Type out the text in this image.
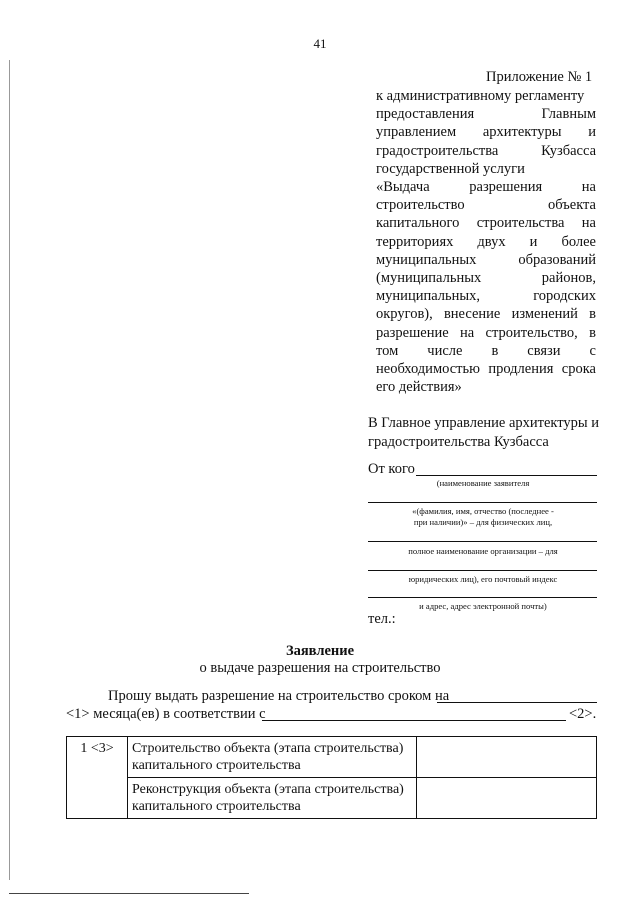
41
Приложение № 1
к административному регламенту
предоставления Главным
управлением архитектуры и
градостроительства Кузбасса
государственной услуги
«Выдача разрешения на
строительство объекта
капитального строительства на
территориях двух и более
муниципальных образований
(муниципальных районов,
муниципальных, городских
округов), внесение изменений в
разрешение на строительство, в
том числе в связи с
необходимостью продления срока
его действия»
В Главное управление архитектуры и
градостроительства Кузбасса
От кого
(наименование заявителя
«(фамилия, имя, отчество (последнее -
при наличии)» – для физических лиц,
полное наименование организации – для
юридических лиц), его почтовый индекс
и адрес, адрес электронной почты)
тел.:
Заявление
о выдаче разрешения на строительство
Прошу выдать разрешение на строительство сроком на
<1> месяца(ев) в соответствии с	<2>.
1 <3>	Строительство объекта (этапа строительства)
капитального строительства	

	Реконструкция объекта (этапа строительства)
капитального строительства	
